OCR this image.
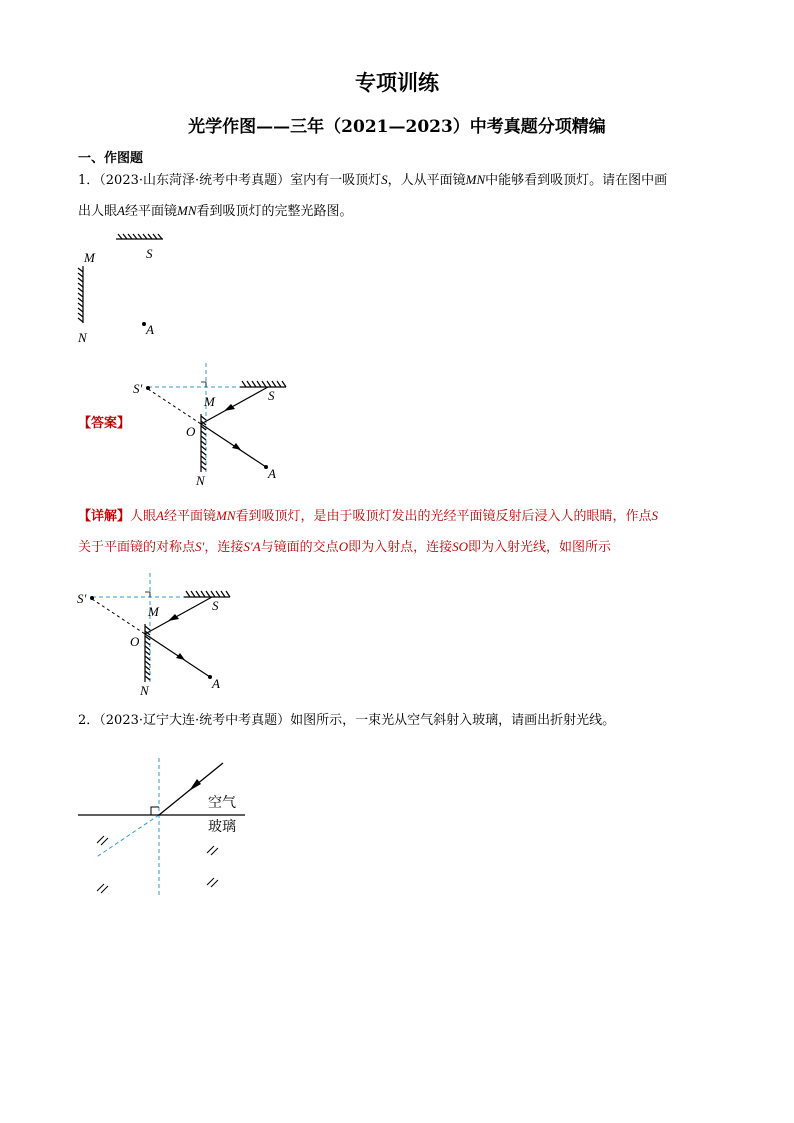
专项训练
光学作图——三年（2021—2023）中考真题分项精编
一、作图题
1．（2023·山东菏泽·统考中考真题）室内有一吸顶灯S，人从平面镜MN中能够看到吸顶灯。请在图中画
出人眼A经平面镜MN看到吸顶灯的完整光路图。
M
N
S
A
【答案】
S′
M	S
O
N	A
【详解】人眼A经平面镜MN看到吸顶灯，是由于吸顶灯发出的光经平面镜反射后浸入人的眼睛，作点S
关于平面镜的对称点S′，连接S′A与镜面的交点O即为入射点，连接SO即为入射光线，如图所示
S′
M	S
O
N	A
2．（2023·辽宁大连·统考中考真题）如图所示，一束光从空气斜射入玻璃，请画出折射光线。
空气
玻璃
